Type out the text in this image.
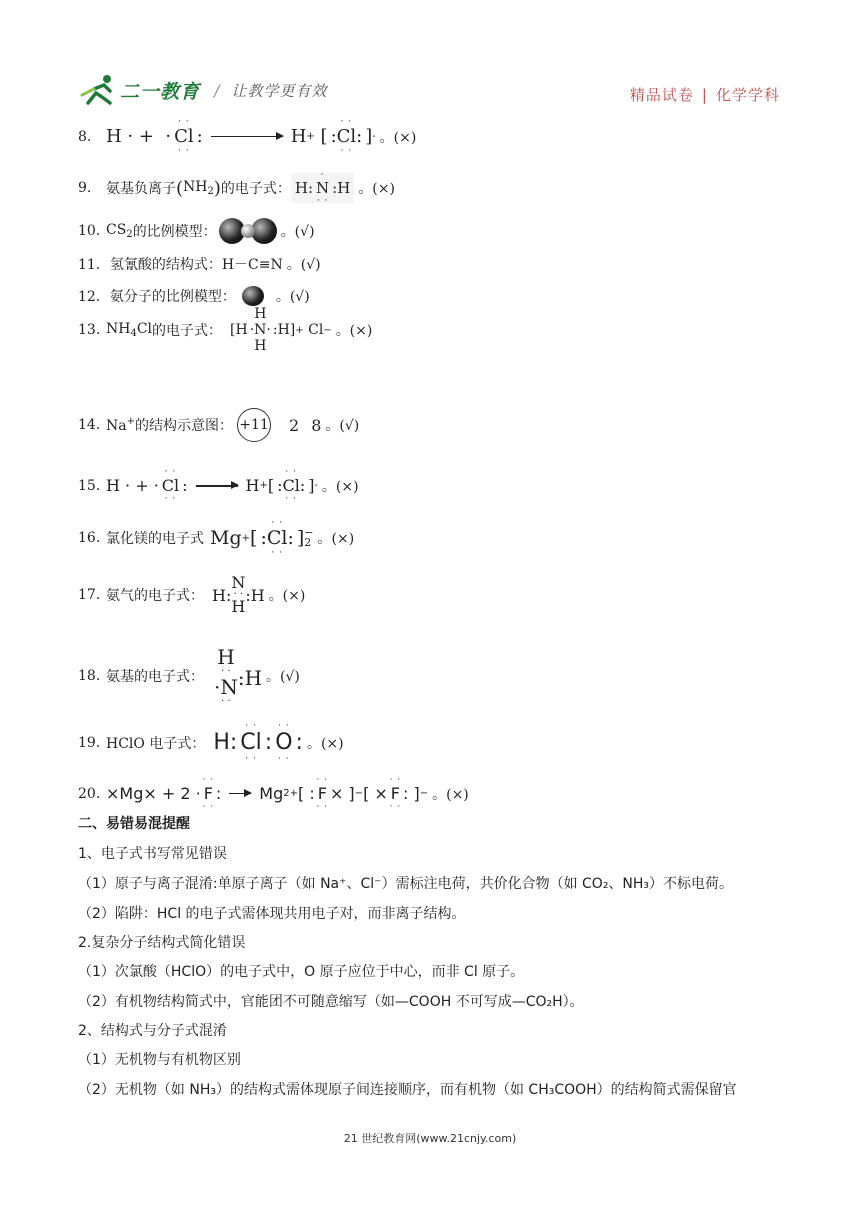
二一教育 / 让教学更有效	精品试卷 | 化学学科
8. H · +  ·
· ·
Cl
· ·
: → H + [
· ·
:Cl:
· ·
] - 。(×)
9.	氨基负离子 ( $NH_2$ ) 的电子式： H:
·
N
· ·
:H 。(×)
10. $CS_2$ 的比例模型：	。(√)
11． 氢氰酸的结构式： H－C≡N 。(√)
12． 氨分子的比例模型：	。(√)
13. $NH_4Cl$ 的电子式： [H
H
·N·
H
:H] + Cl − 。(×)
14. Na+ 的结构示意图： +11 2 8 。(√)
15. H · + ·
· ·
Cl
· ·
: → H + [
· ·
:Cl:
· ·
] - 。(×)
16. 氯化镁的电子式 Mg + [
· ·
:Cl:
· ·
] −
2 。(×)
17. 氨气的电子式： H:
N
· ·
H
:H 。(×)
18. 氨基的电子式：
H
· ·
·N
· ·
:H 。(√)
19. HClO 电子式： H:
· ·
Cl
· ·
:
· ·
O
· ·
: 。(×)
20. ×Mg× + 2 ·
· ·
F
· ·
: → Mg 2+ [ :
· ·
F
· ·
× ] − [ ×
· ·
F
· ·
: ] − 。(×)
二、易错易混提醒
1、电子式书写常见错误
（1）原子与离子混淆:单原子离子（如 Na⁺、Cl⁻）需标注电荷，共价化合物（如 CO₂、NH₃）不标电荷。
（2）陷阱：HCl 的电子式需体现共用电子对，而非离子结构。
2.复杂分子结构式简化错误
（1）次氯酸（HClO）的电子式中，O 原子应位于中心，而非 Cl 原子。
（2）有机物结构简式中，官能团不可随意缩写（如—COOH 不可写成—CO₂H）。
2、结构式与分子式混淆
（1）无机物与有机物区别
（2）无机物（如 NH₃）的结构式需体现原子间连接顺序，而有机物（如 CH₃COOH）的结构简式需保留官
21 世纪教育网(www.21cnjy.com)
